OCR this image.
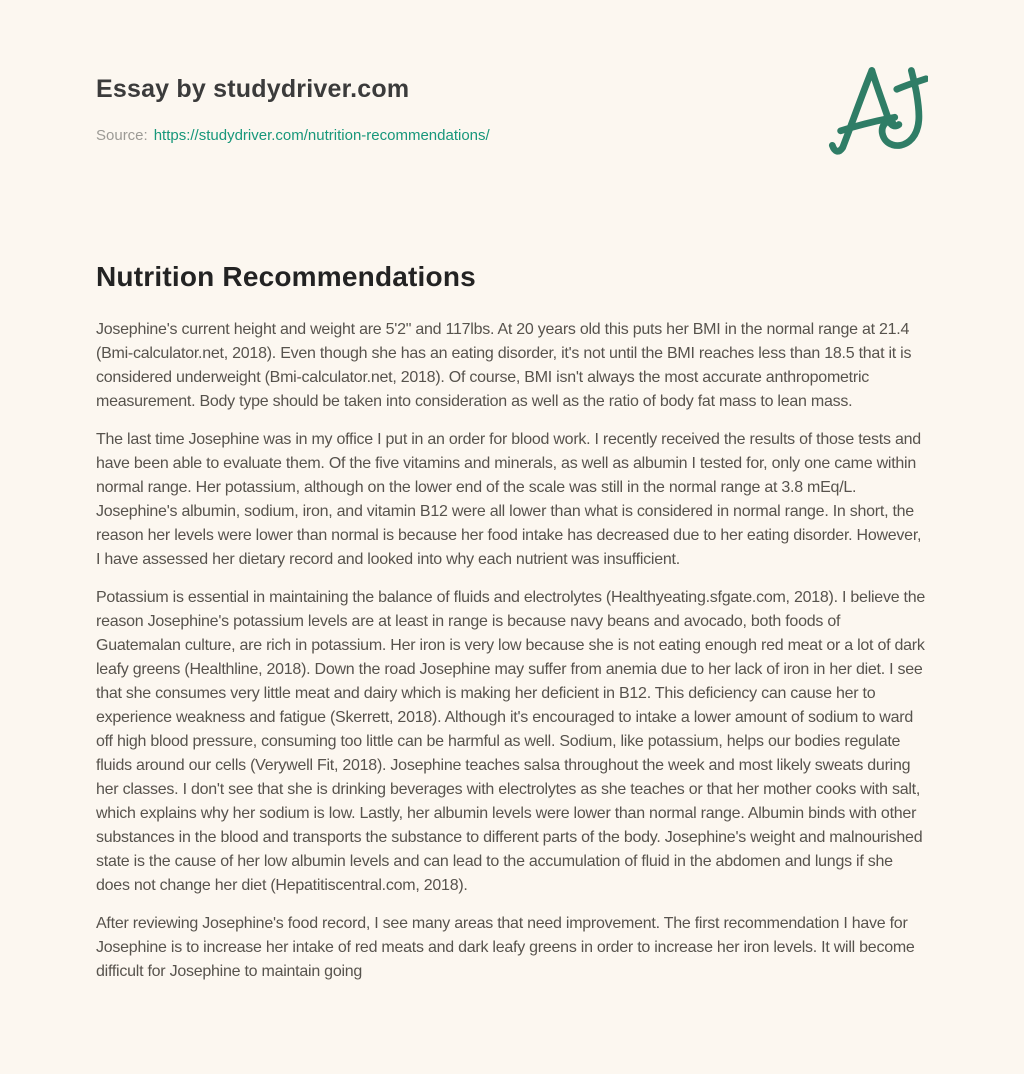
Essay by studydriver.com
Source: https://studydriver.com/nutrition-recommendations/
Nutrition Recommendations

Josephine's current height and weight are 5'2" and 117lbs. At 20 years old this puts her BMI in the normal range at 21.4 (Bmi-calculator.net, 2018). Even though she has an eating disorder, it's not until the BMI reaches less than 18.5 that it is considered underweight (Bmi-calculator.net, 2018). Of course, BMI isn't always the most accurate anthropometric measurement. Body type should be taken into consideration as well as the ratio of body fat mass to lean mass.

The last time Josephine was in my office I put in an order for blood work. I recently received the results of those tests and have been able to evaluate them. Of the five vitamins and minerals, as well as albumin I tested for, only one came within normal range. Her potassium, although on the lower end of the scale was still in the normal range at 3.8 mEq/L. Josephine's albumin, sodium, iron, and vitamin B12 were all lower than what is considered in normal range. In short, the reason her levels were lower than normal is because her food intake has decreased due to her eating disorder. However, I have assessed her dietary record and looked into why each nutrient was insufficient.

Potassium is essential in maintaining the balance of fluids and electrolytes (Healthyeating.sfgate.com, 2018). I believe the reason Josephine's potassium levels are at least in range is because navy beans and avocado, both foods of Guatemalan culture, are rich in potassium. Her iron is very low because she is not eating enough red meat or a lot of dark leafy greens (Healthline, 2018). Down the road Josephine may suffer from anemia due to her lack of iron in her diet. I see that she consumes very little meat and dairy which is making her deficient in B12. This deficiency can cause her to experience weakness and fatigue (Skerrett, 2018). Although it's encouraged to intake a lower amount of sodium to ward off high blood pressure, consuming too little can be harmful as well. Sodium, like potassium, helps our bodies regulate fluids around our cells (Verywell Fit, 2018). Josephine teaches salsa throughout the week and most likely sweats during her classes. I don't see that she is drinking beverages with electrolytes as she teaches or that her mother cooks with salt, which explains why her sodium is low. Lastly, her albumin levels were lower than normal range. Albumin binds with other substances in the blood and transports the substance to different parts of the body. Josephine's weight and malnourished state is the cause of her low albumin levels and can lead to the accumulation of fluid in the abdomen and lungs if she does not change her diet (Hepatitiscentral.com, 2018).

After reviewing Josephine's food record, I see many areas that need improvement. The first recommendation I have for Josephine is to increase her intake of red meats and dark leafy greens in order to increase her iron levels. It will become difficult for Josephine to maintain going
